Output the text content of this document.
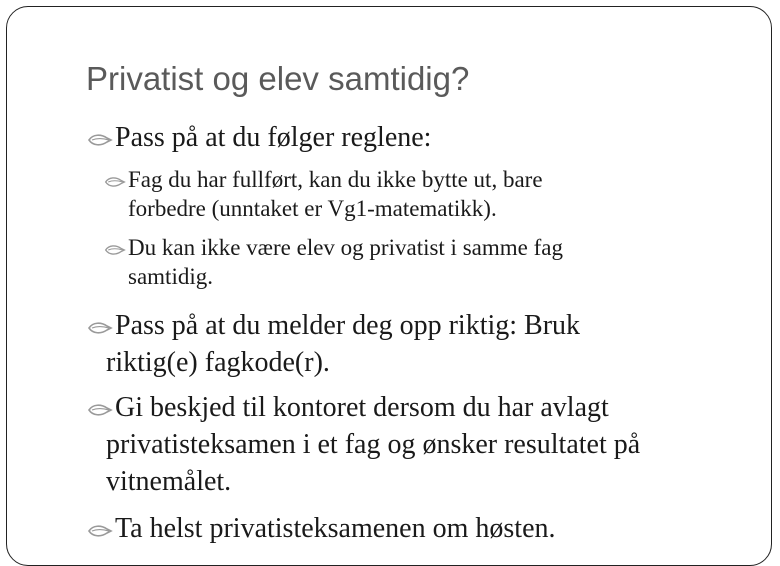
Privatist og elev samtidig?
Pass på at du følger reglene:
Fag du har fullført, kan du ikke bytte ut, bare
forbedre (unntaket er Vg1-matematikk).
Du kan ikke være elev og privatist i samme fag
samtidig.
Pass på at du melder deg opp riktig: Bruk
riktig(e) fagkode(r).
Gi beskjed til kontoret dersom du har avlagt
privatisteksamen i et fag og ønsker resultatet på
vitnemålet.
Ta helst privatisteksamenen om høsten.
